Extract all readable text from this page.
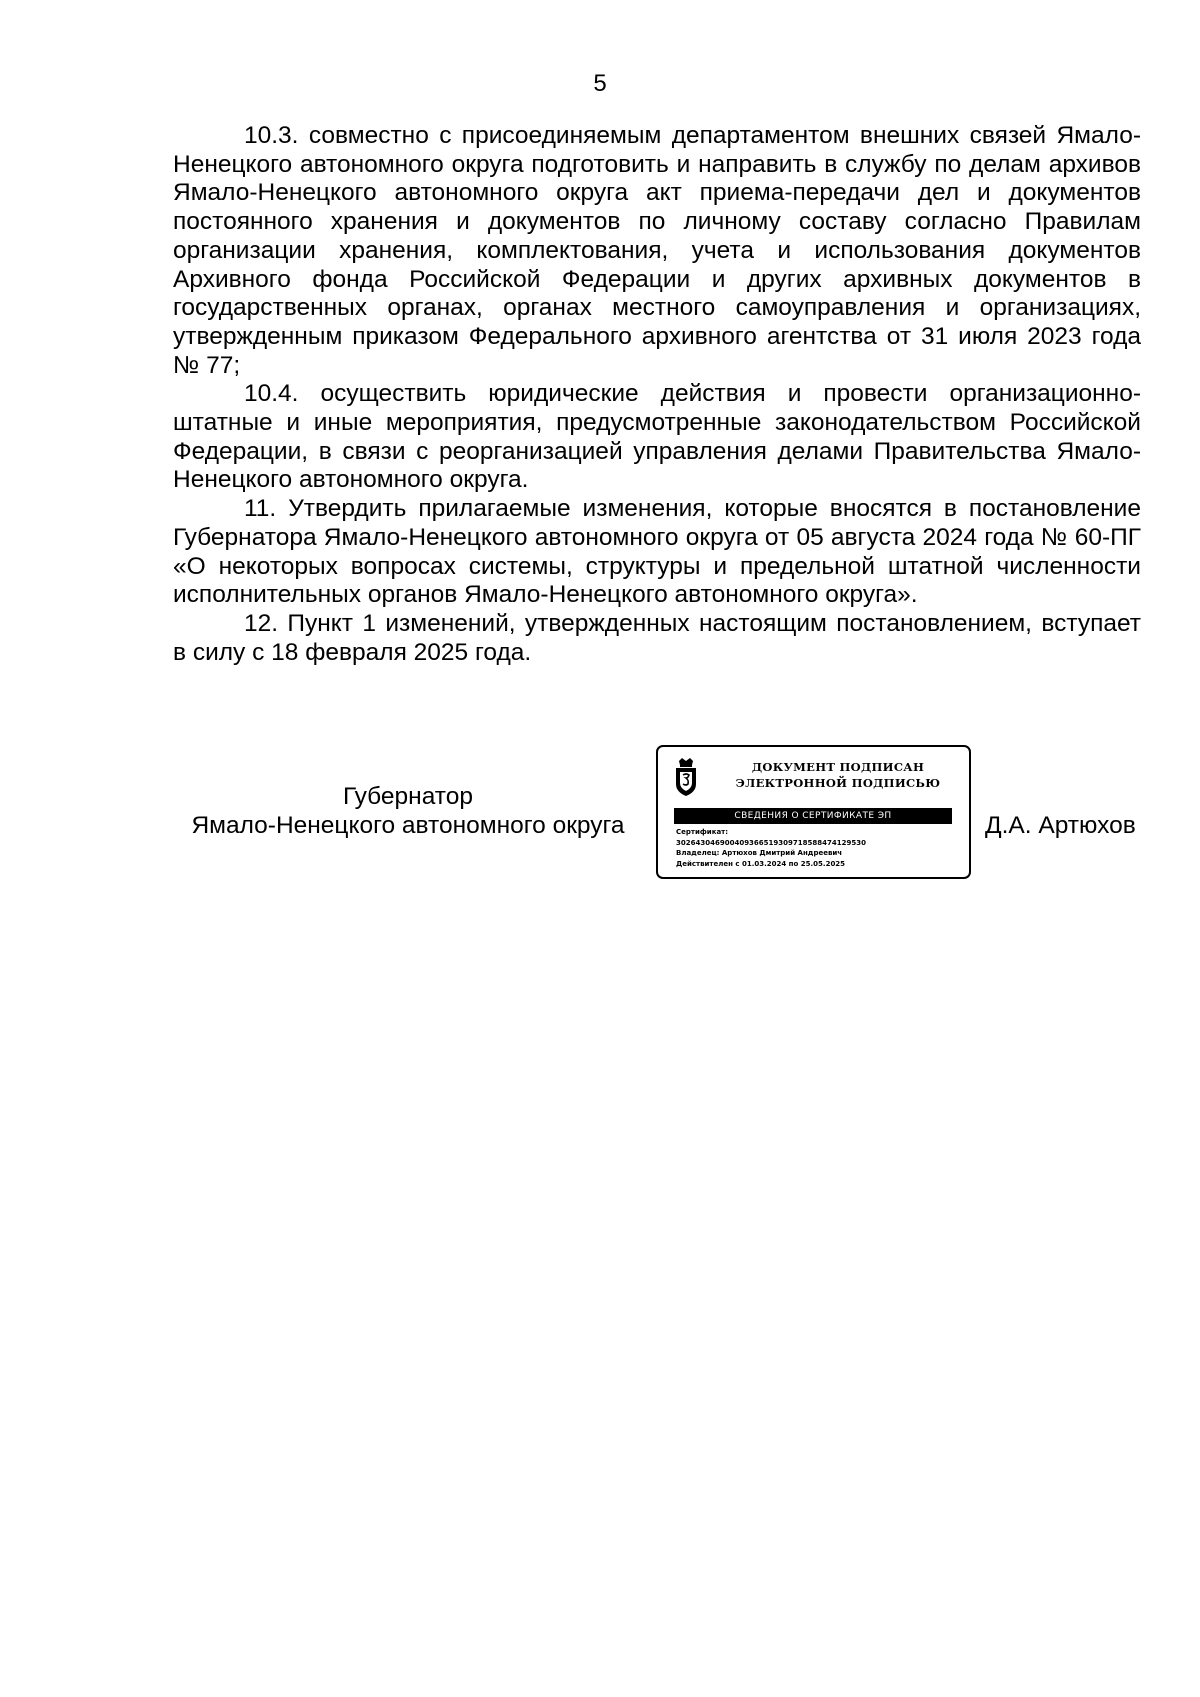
5

10.3. совместно с присоединяемым департаментом внешних связей Ямало-Ненецкого автономного округа подготовить и направить в службу по делам архивов Ямало-Ненецкого автономного округа акт приема-передачи дел и документов постоянного хранения и документов по личному составу согласно Правилам организации хранения, комплектования, учета и использования документов Архивного фонда Российской Федерации и других архивных документов в государственных органах, органах местного самоуправления и организациях, утвержденным приказом Федерального архивного агентства от 31 июля 2023 года № 77;

10.4. осуществить юридические действия и провести организационно-штатные и иные мероприятия, предусмотренные законодательством Российской Федерации, в связи с реорганизацией управления делами Правительства Ямало-Ненецкого автономного округа.

11. Утвердить прилагаемые изменения, которые вносятся в постановление Губернатора Ямало-Ненецкого автономного округа от 05 августа 2024 года № 60-ПГ «О некоторых вопросах системы, структуры и предельной штатной численности исполнительных органов Ямало-Ненецкого автономного округа».

12. Пункт 1 изменений, утвержденных настоящим постановлением, вступает в силу с 18 февраля 2025 года.

Губернатор
Ямало-Ненецкого автономного округа
ДОКУМЕНТ ПОДПИСАН
ЭЛЕКТРОННОЙ ПОДПИСЬЮ
СВЕДЕНИЯ О СЕРТИФИКАТЕ ЭП
Сертификат:
302643046900409366519309718588474129530
Владелец: Артюхов Дмитрий Андреевич
Действителен с 01.03.2024 по 25.05.2025
Д.А. Артюхов
